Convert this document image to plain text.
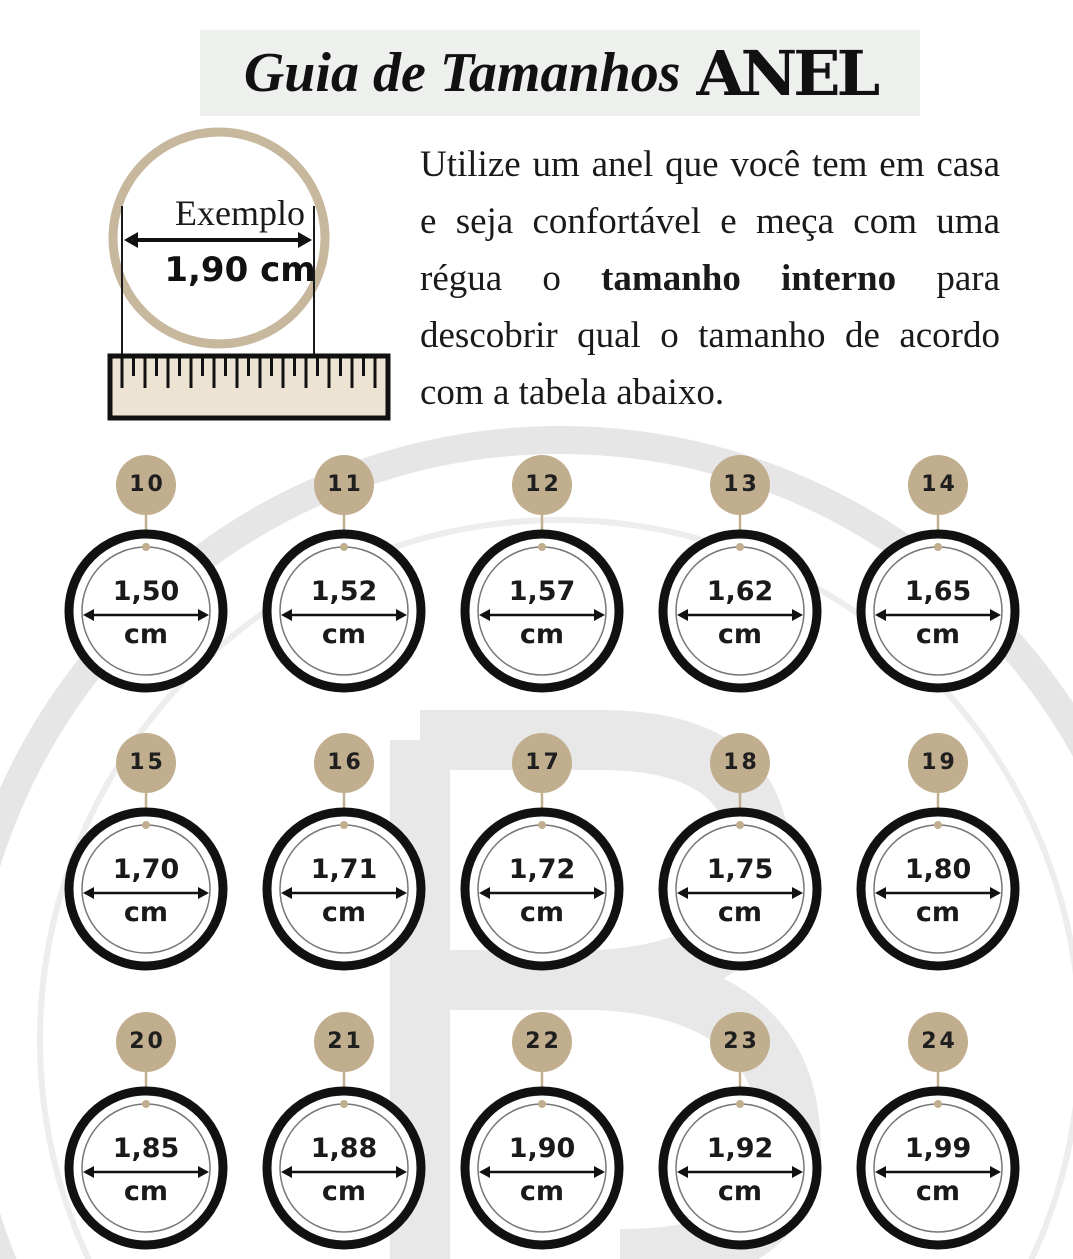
Guia de Tamanhos ANEL
Exemplo
1,90 cm

Utilize um anel que você tem em casa e seja confortável e meça com uma régua o tamanho interno para descobrir qual o tamanho de acordo com a tabela abaixo.

10
1,50
cm
11
1,52
cm
12
1,57
cm
13
1,62
cm
14
1,65
cm
15
1,70
cm
16
1,71
cm
17
1,72
cm
18
1,75
cm
19
1,80
cm
20
1,85
cm
21
1,88
cm
22
1,90
cm
23
1,92
cm
24
1,99
cm
